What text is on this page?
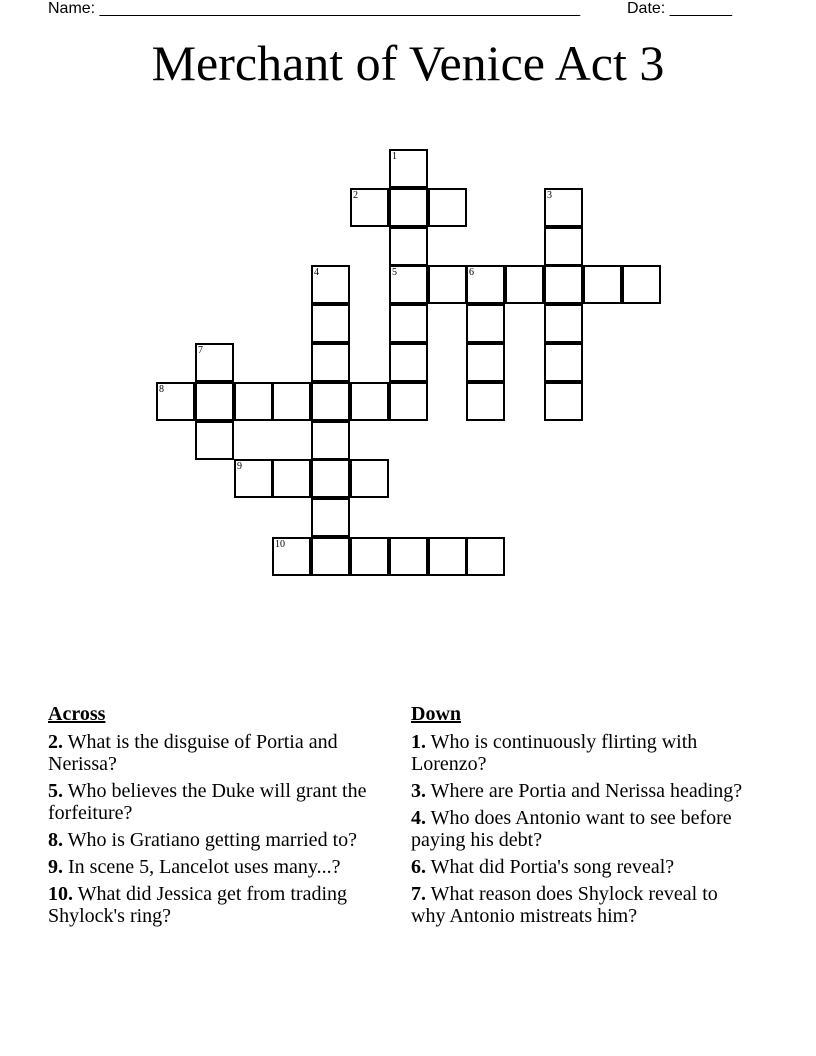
Name: ______________________________________________________	Date: _______
Merchant of Venice Act 3
1
2	3
4	5	6
7
8
9
10
Across
2. What is the disguise of Portia and Nerissa?
5. Who believes the Duke will grant the forfeiture?
8. Who is Gratiano getting married to?
9. In scene 5, Lancelot uses many...?
10. What did Jessica get from trading Shylock's ring?
Down
1. Who is continuously flirting with Lorenzo?
3. Where are Portia and Nerissa heading?
4. Who does Antonio want to see before paying his debt?
6. What did Portia's song reveal?
7. What reason does Shylock reveal to why Antonio mistreats him?
